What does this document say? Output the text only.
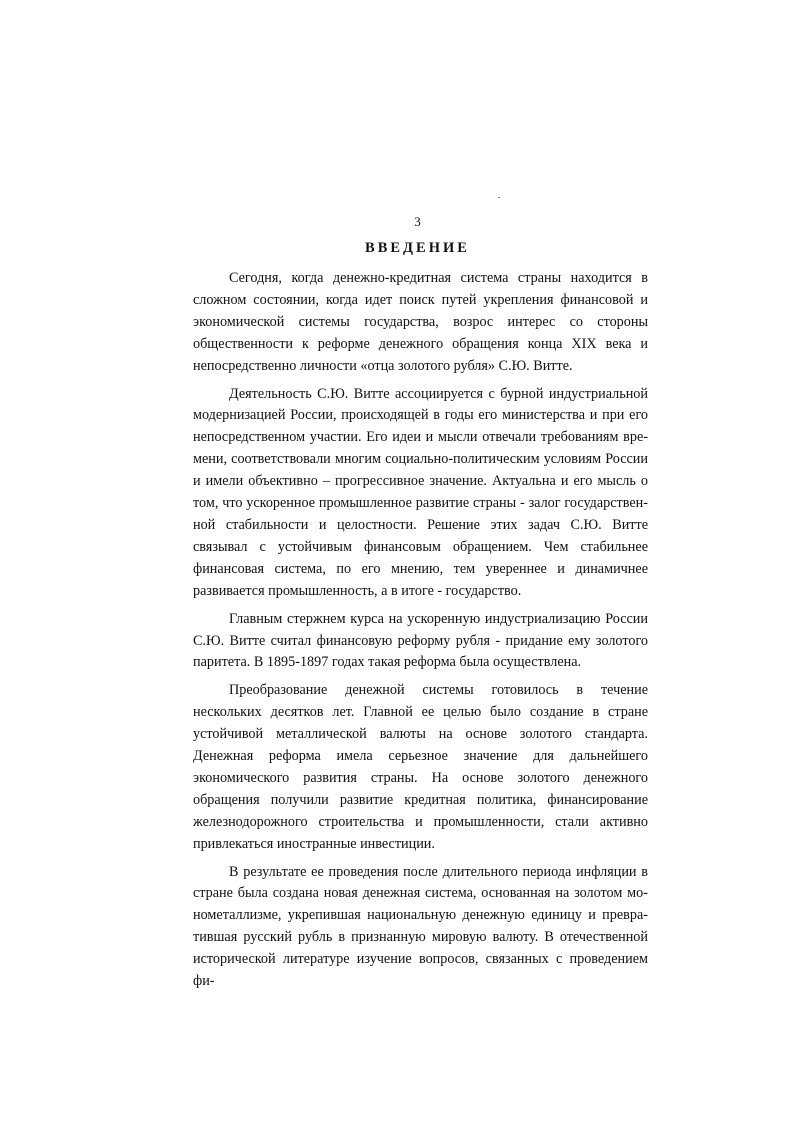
3
ВВЕДЕНИЕ

Сегодня, когда денежно-кредитная система страны находится в сложном состоянии, когда идет поиск путей укрепления финансовой и экономической системы государства, возрос интерес со стороны общественности к реформе денежного обращения конца XIX века и непосредственно личности «отца золотого рубля» С.Ю. Витте.

Деятельность С.Ю. Витте ассоциируется с бурной индустриальной модернизацией России, происходящей в годы его министерства и при его непосредственном участии. Его идеи и мысли отвечали требованиям времени, соответствовали многим социально-политическим условиям России и имели объективно – прогрессивное значение. Актуальна и его мысль о том, что ускоренное промышленное развитие страны - залог государственной стабильности и целостности. Решение этих задач С.Ю. Витте связывал с устойчивым финансовым обращением. Чем стабильнее финансовая система, по его мнению, тем увереннее и динамичнее развивается промышленность, а в итоге - государство.

Главным стержнем курса на ускоренную индустриализацию России С.Ю. Витте считал финансовую реформу рубля - придание ему золотого паритета. В 1895-1897 годах такая реформа была осуществлена.

Преобразование денежной системы готовилось в течение нескольких десятков лет. Главной ее целью было создание в стране устойчивой металлической валюты на основе золотого стандарта. Денежная реформа имела серьезное значение для дальнейшего экономического развития страны. На основе золотого денежного обращения получили развитие кредитная политика, финансирование железнодорожного строительства и промышленности, стали активно привлекаться иностранные инвестиции.

В результате ее проведения после длительного периода инфляции в стране была создана новая денежная система, основанная на золотом монометаллизме, укрепившая национальную денежную единицу и превратившая русский рубль в признанную мировую валюту. В отечественной исторической литературе изучение вопросов, связанных с проведением фи-
